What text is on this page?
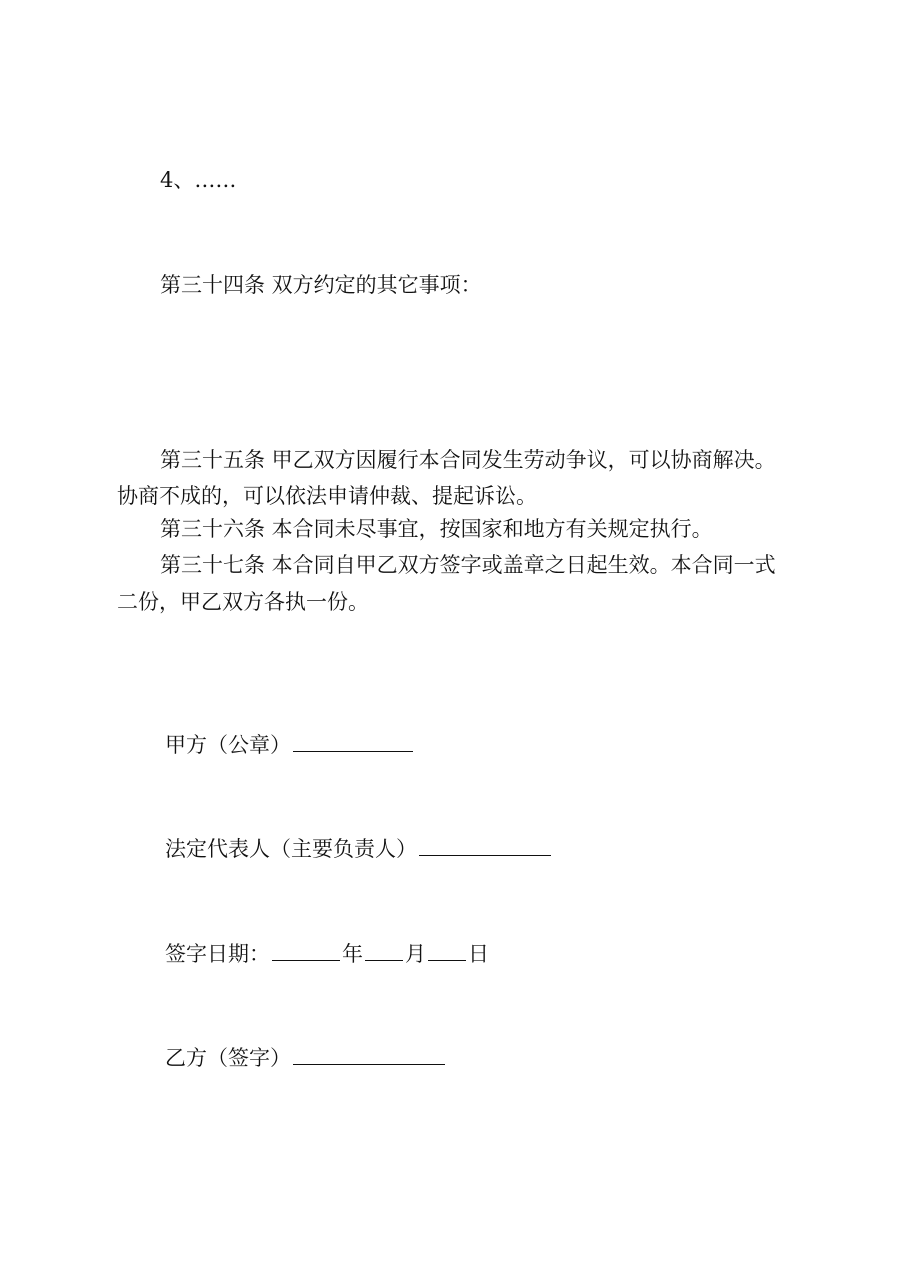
4、……
第三十四条 双方约定的其它事项：
第三十五条 甲乙双方因履行本合同发生劳动争议，可以协商解决。
协商不成的，可以依法申请仲裁、提起诉讼。
第三十六条 本合同未尽事宜，按国家和地方有关规定执行。
第三十七条 本合同自甲乙双方签字或盖章之日起生效。本合同一式
二份，甲乙双方各执一份。
甲方（公章）
法定代表人（主要负责人）
签字日期：	年 月 日
乙方（签字）
